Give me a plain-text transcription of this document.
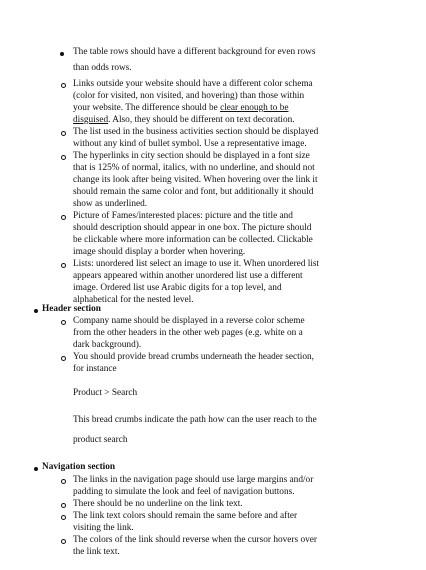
The table rows should have a different background for even rows
than odds rows.
Links outside your website should have a different color schema
(color for visited, non visited, and hovering) than those within
your website. The difference should be clear enough to be
disguised. Also, they should be different on text decoration.
The list used in the business activities section should be displayed
without any kind of bullet symbol. Use a representative image.
The hyperlinks in city section should be displayed in a font size
that is 125% of normal, italics, with no underline, and should not
change its look after being visited. When hovering over the link it
should remain the same color and font, but additionally it should
show as underlined.
Picture of Fames/interested places: picture and the title and
should description should appear in one box. The picture should
be clickable where more information can be collected. Clickable
image should display a border when hovering.
Lists: unordered list select an image to use it. When unordered list
appears appeared within another unordered list use a different
image. Ordered list use Arabic digits for a top level, and
alphabetical for the nested level.
Header section
Company name should be displayed in a reverse color scheme
from the other headers in the other web pages (e.g. white on a
dark background).
You should provide bread crumbs underneath the header section,
for instance
Product > Search
This bread crumbs indicate the path how can the user reach to the
product search
Navigation section
The links in the navigation page should use large margins and/or
padding to simulate the look and feel of navigation buttons.
There should be no underline on the link text.
The link text colors should remain the same before and after
visiting the link.
The colors of the link should reverse when the cursor hovers over
the link text.
